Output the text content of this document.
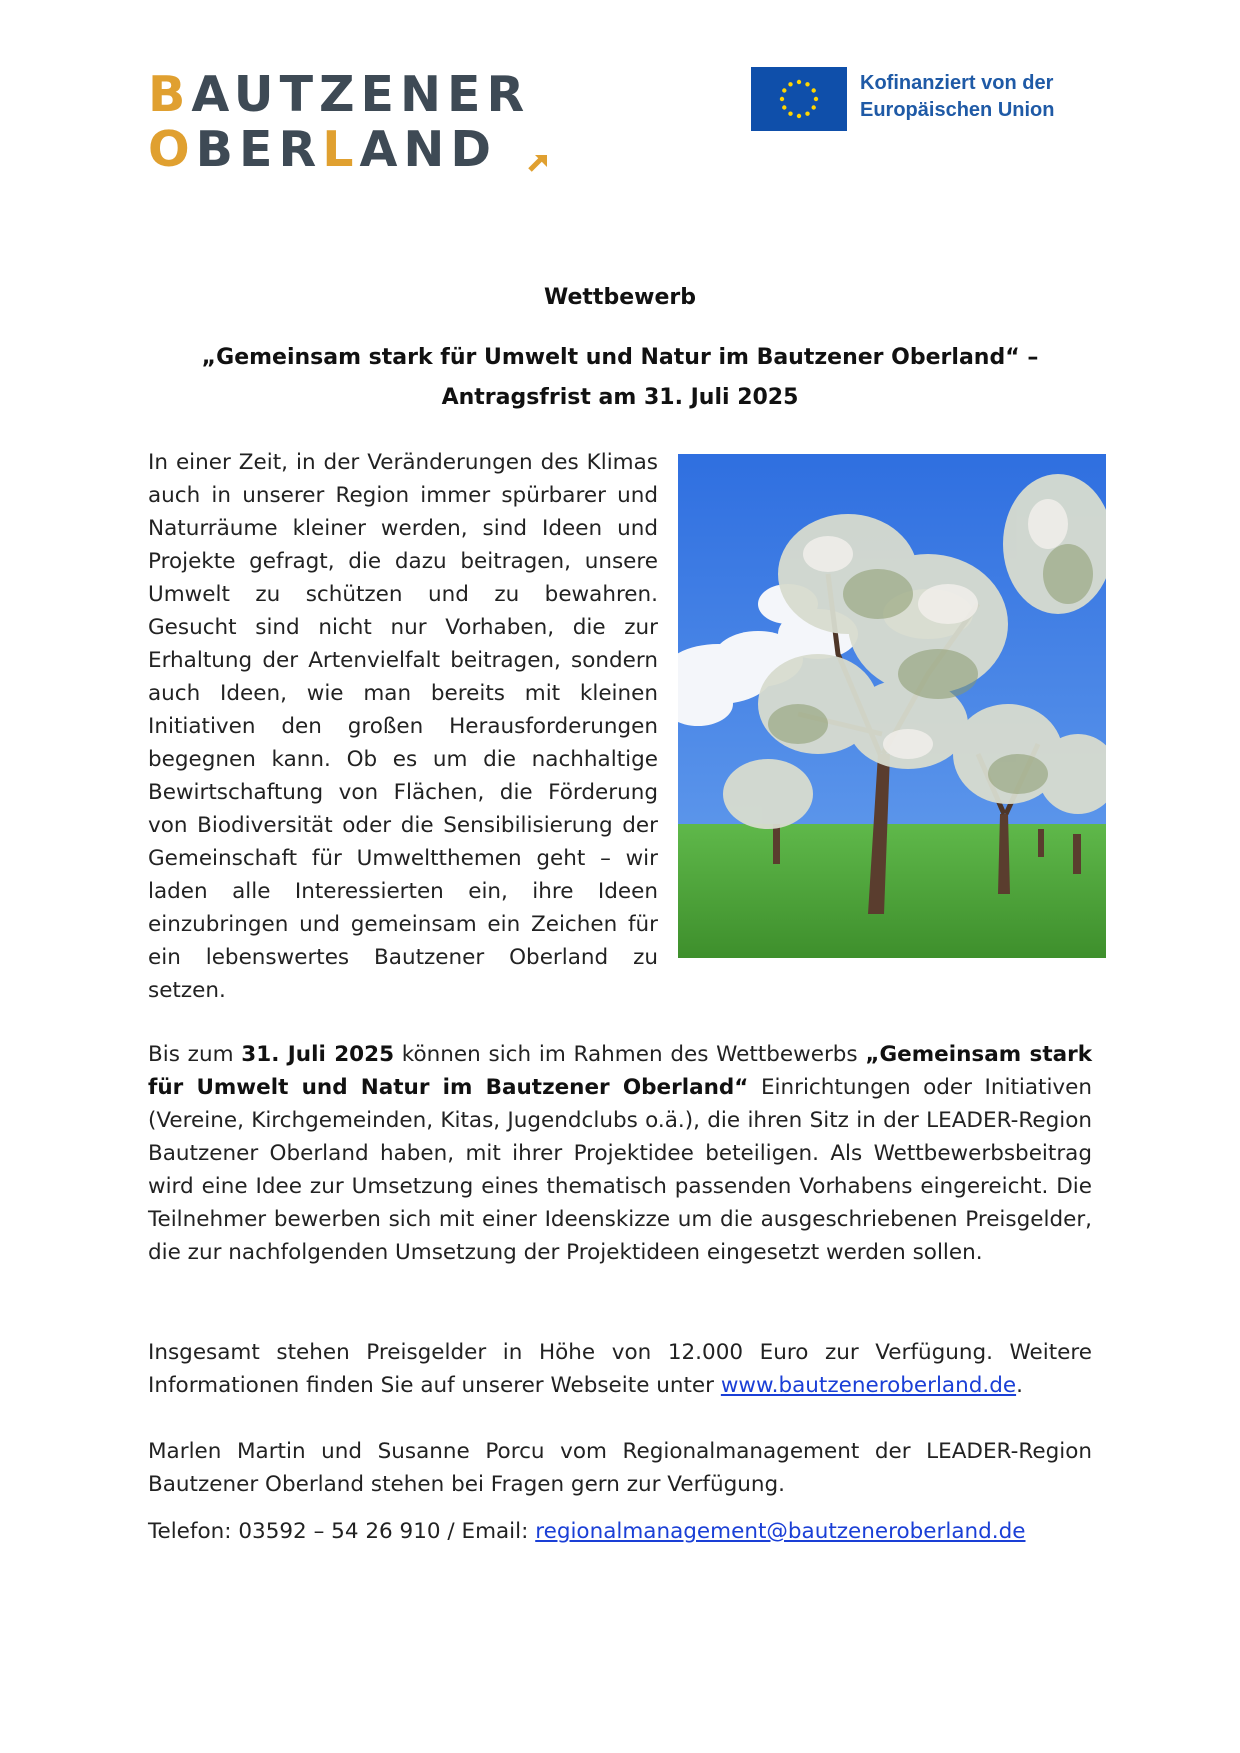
BAUTZENER
OBERLAND
Kofinanziert von der
Europäischen Union
Wettbewerb
„Gemeinsam stark für Umwelt und Natur im Bautzener Oberland“ –
Antragsfrist am 31. Juli 2025
In einer Zeit, in der Veränderungen des Klimas auch in unserer Region immer spürbarer und Naturräume kleiner werden, sind Ideen und Projekte gefragt, die dazu beitragen, unsere Umwelt zu schützen und zu bewahren. Gesucht sind nicht nur Vorhaben, die zur Erhaltung der Artenvielfalt beitragen, sondern auch Ideen, wie man bereits mit kleinen Initiativen den großen Herausforderungen begegnen kann. Ob es um die nachhaltige Bewirtschaftung von Flächen, die Förderung von Biodiversität oder die Sensibilisierung der Gemeinschaft für Umweltthemen geht – wir laden alle Interessierten ein, ihre Ideen einzubringen und gemeinsam ein Zeichen für ein lebenswertes Bautzener Oberland zu setzen.
Bis zum 31. Juli 2025 können sich im Rahmen des Wettbewerbs „Gemeinsam stark für Umwelt und Natur im Bautzener Oberland“ Einrichtungen oder Initiativen (Vereine, Kirchgemeinden, Kitas, Jugendclubs o.ä.), die ihren Sitz in der LEADER-Region Bautzener Oberland haben, mit ihrer Projektidee beteiligen. Als Wettbewerbsbeitrag wird eine Idee zur Umsetzung eines thematisch passenden Vorhabens eingereicht. Die Teilnehmer bewerben sich mit einer Ideenskizze um die ausgeschriebenen Preisgelder, die zur nachfolgenden Umsetzung der Projektideen eingesetzt werden sollen.
Insgesamt stehen Preisgelder in Höhe von 12.000 Euro zur Verfügung. Weitere Informationen finden Sie auf unserer Webseite unter www.bautzeneroberland.de.
Marlen Martin und Susanne Porcu vom Regionalmanagement der LEADER-Region Bautzener Oberland stehen bei Fragen gern zur Verfügung.
Telefon: 03592 – 54 26 910 / Email: regionalmanagement@bautzeneroberland.de
